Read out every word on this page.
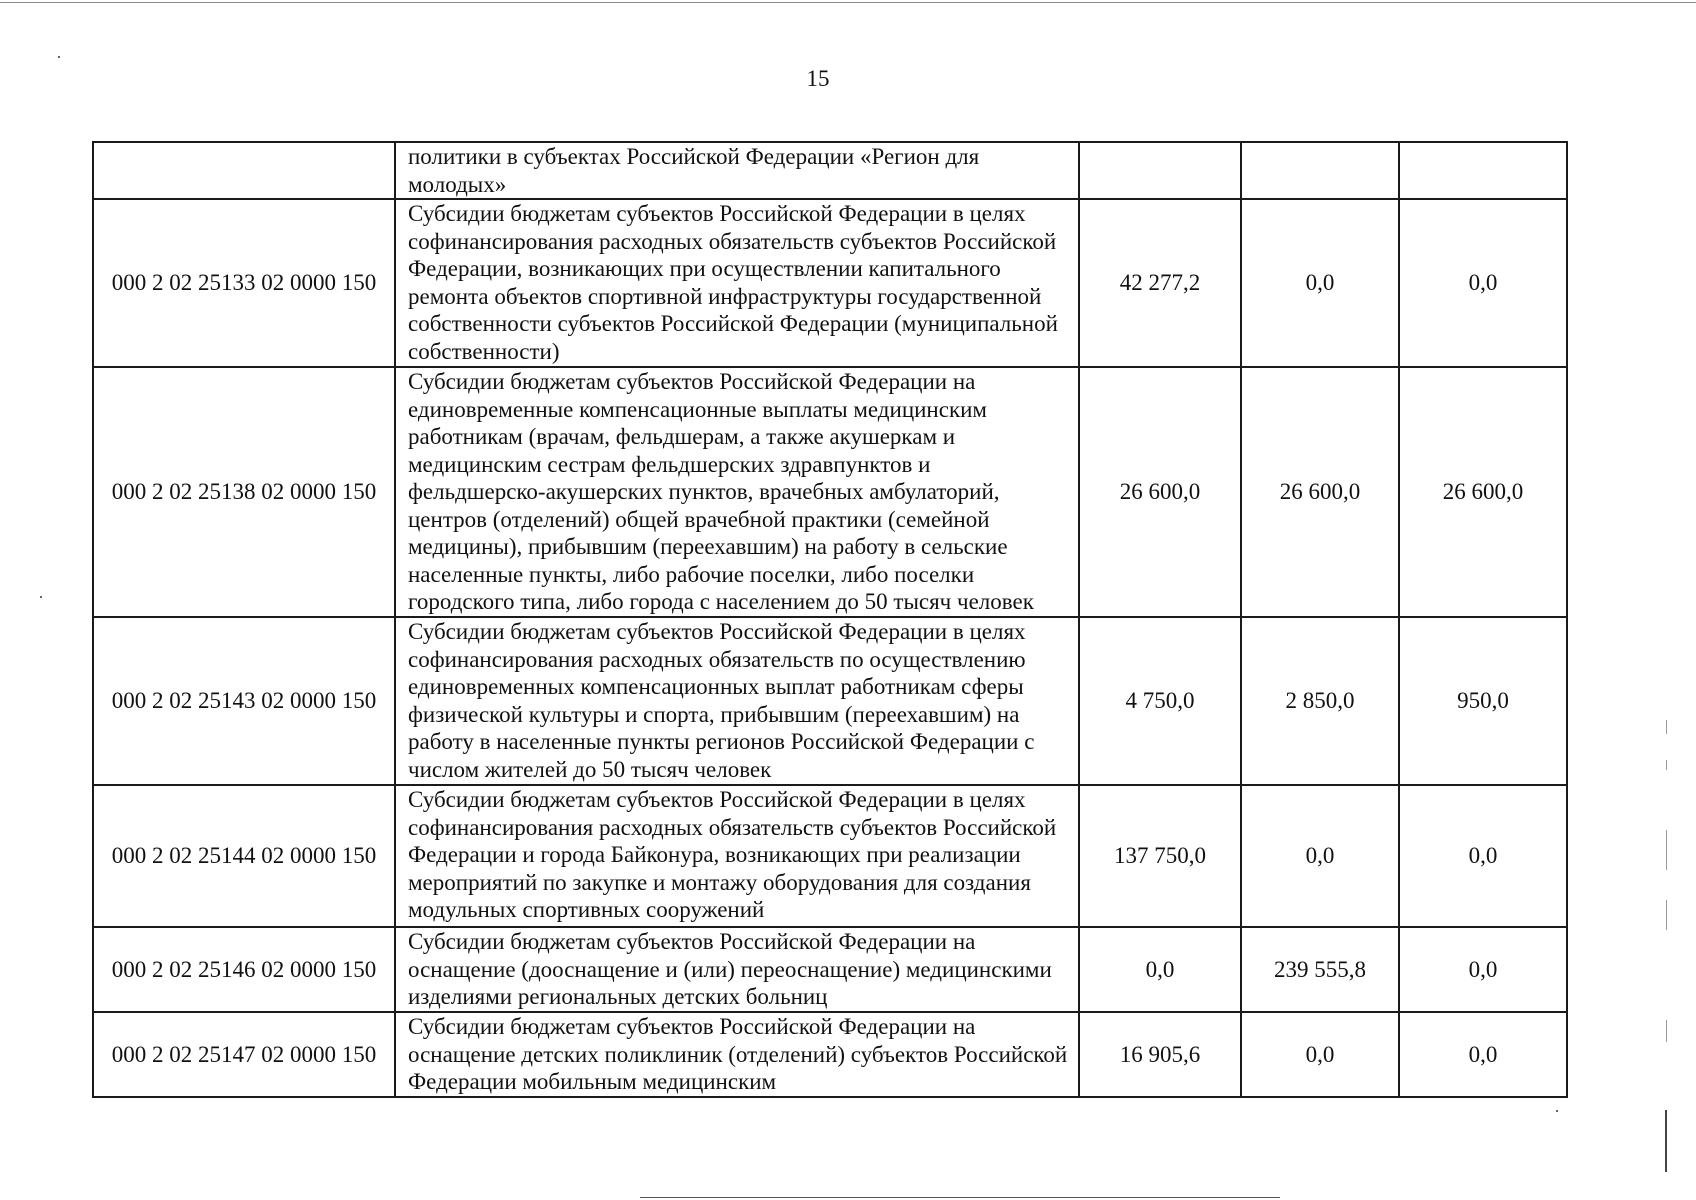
15
	политики в субъектах Российской Федерации «Регион для молодых»			
000 2 02 25133 02 0000 150	Субсидии бюджетам субъектов Российской Федерации в целях софинансирования расходных обязательств субъектов Российской Федерации, возникающих при осуществлении капитального ремонта объектов спортивной инфраструктуры государственной собственности субъектов Российской Федерации (муниципальной собственности)	42 277,2	0,0	0,0
000 2 02 25138 02 0000 150	Субсидии бюджетам субъектов Российской Федерации на единовременные компенсационные выплаты медицинским работникам (врачам, фельдшерам, а также акушеркам и медицинским сестрам фельдшерских здравпунктов и фельдшерско-акушерских пунктов, врачебных амбулаторий, центров (отделений) общей врачебной практики (семейной медицины), прибывшим (переехавшим) на работу в сельские населенные пункты, либо рабочие поселки, либо поселки городского типа, либо города с населением до 50 тысяч человек	26 600,0	26 600,0	26 600,0
000 2 02 25143 02 0000 150	Субсидии бюджетам субъектов Российской Федерации в целях софинансирования расходных обязательств по осуществлению единовременных компенсационных выплат работникам сферы физической культуры и спорта, прибывшим (переехавшим) на работу в населенные пункты регионов Российской Федерации с числом жителей до 50 тысяч человек	4 750,0	2 850,0	950,0
000 2 02 25144 02 0000 150	Субсидии бюджетам субъектов Российской Федерации в целях софинансирования расходных обязательств субъектов Российской Федерации и города Байконура, возникающих при реализации мероприятий по закупке и монтажу оборудования для создания модульных спортивных сооружений	137 750,0	0,0	0,0
000 2 02 25146 02 0000 150	Субсидии бюджетам субъектов Российской Федерации на оснащение (дооснащение и (или) переоснащение) медицинскими изделиями региональных детских больниц	0,0	239 555,8	0,0
000 2 02 25147 02 0000 150	Субсидии бюджетам субъектов Российской Федерации на оснащение детских поликлиник (отделений) субъектов Российской Федерации мобильным медицинским	16 905,6	0,0	0,0
